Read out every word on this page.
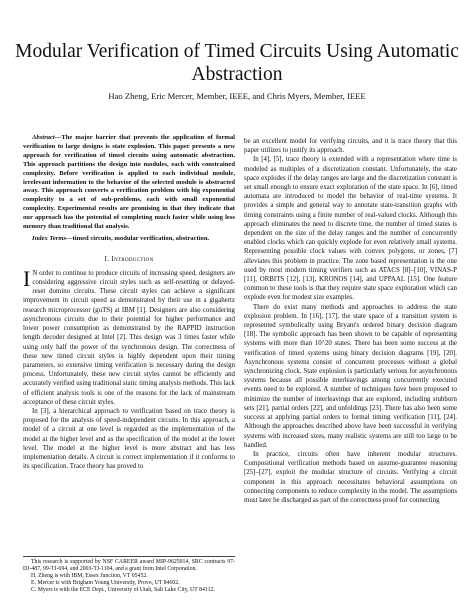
Modular Verification of Timed Circuits Using Automatic Abstraction
Hao Zheng, Eric Mercer, Member, IEEE, and Chris Myers, Member, IEEE

Abstract—The major barrier that prevents the application of formal verification to large designs is state explosion. This paper presents a new approach for verification of timed circuits using automatic abstraction. This approach partitions the design into modules, each with constrained complexity. Before verification is applied to each individual module, irrelevant information to the behavior of the selected module is abstracted away. This approach converts a verification problem with big exponential complexity to a set of sub-problems, each with small exponential complexity. Experimental results are promising in that they indicate that our approach has the potential of completing much faster while using less memory than traditional flat analysis.

Index Terms—timed circuits, modular verification, abstraction.

I. Introduction

I N order to continue to produce circuits of increasing speed, designers are considering aggressive circuit styles such as self-resetting or delayed-reset domino circuits. These circuit styles can achieve a significant improvement in circuit speed as demonstrated by their use in a gigahertz research microprocessor (guTS) at IBM [1]. Designers are also considering asynchronous circuits due to their potential for higher performance and lower power consumption as demonstrated by the RAPPID instruction length decoder designed at Intel [2]. This design was 3 times faster while using only half the power of the synchronous design. The correctness of these new timed circuit styles is highly dependent upon their timing parameters, so extensive timing verification is necessary during the design process. Unfortunately, these new circuit styles cannot be efficiently and accurately verified using traditional static timing analysis methods. This lack of efficient analysis tools is one of the reasons for the lack of mainstream acceptance of these circuit styles.

In [3], a hierarchical approach to verification based on trace theory is proposed for the analysis of speed-independent circuits. In this approach, a model of a circuit at one level is regarded as the implementation of the model at the higher level and as the specification of the model at the lower level. The model at the higher level is more abstract and has less implementation details. A circuit is correct implementation if it conforms to its specification. Trace theory has proved to

This research is supported by NSF CAREER award MIP-9625014, SRC contracts 97-DJ-487, 99-TJ-694, and 2003-TJ-1104, and a grant from Intel Corporation.

H. Zheng is with IBM, Essex Junction, VT 05452.

E. Mercer is with Brigham Young University, Provo, UT 84602.

C. Myers is with the ECE Dept., University of Utah, Salt Lake City, UT 84112.

be an excellent model for verifying circuits, and it is trace theory that this paper utilizes to justify its approach.

In [4], [5], trace theory is extended with a representation where time is modeled as multiples of a discretization constant. Unfortunately, the state space explodes if the delay ranges are large and the discretization constant is set small enough to ensure exact exploration of the state space. In [6], timed automata are introduced to model the behavior of real-time systems. It provides a simple and general way to annotate state-transition graphs with timing constraints using a finite number of real-valued clocks. Although this approach eliminates the need to discrete time, the number of timed states is dependent on the size of the delay ranges and the number of concurrently enabled clocks which can quickly explode for even relatively small systems. Representing possible clock values with convex polygons, or zones, [7] alleviates this problem in practice. The zone based representation is the one used by most modern timing verifiers such as ATACS [8]–[10], VINAS-P [11], ORBITS [12], [13], KRONOS [14], and UPPAAL [15]. One feature common to these tools is that they require state space exploration which can explode even for modest size examples.

There do exist many methods and approaches to address the state explosion problem. In [16], [17], the state space of a transition system is represented symbolically using Bryant's ordered binary decision diagram [18]. The symbolic approach has been shown to be capable of representing systems with more than 10^20 states. There has been some success at the verification of timed systems using binary decision diagrams [19], [20]. Asynchronous systems consist of concurrent processes without a global synchronizing clock. State explosion is particularly serious for asynchronous systems because all possible interleavings among concurrently executed events need to be explored. A number of techniques have been proposed to minimize the number of interleavings that are explored, including stubborn sets [21], partial orders [22], and unfoldings [23]. There has also been some success at applying partial orders to formal timing verification [11], [24]. Although the approaches described above have been successful in verifying systems with increased sizes, many realistic systems are still too large to be handled.

In practice, circuits often have inherent modular structures. Compositional verification methods based on assume-guarantee reasoning [25]–[27], exploit the modular structure of circuits. Verifying a circuit component in this approach necessitates behavioral assumptions on connecting components to reduce complexity in the model. The assumptions must later be discharged as part of the correctness proof for connecting
